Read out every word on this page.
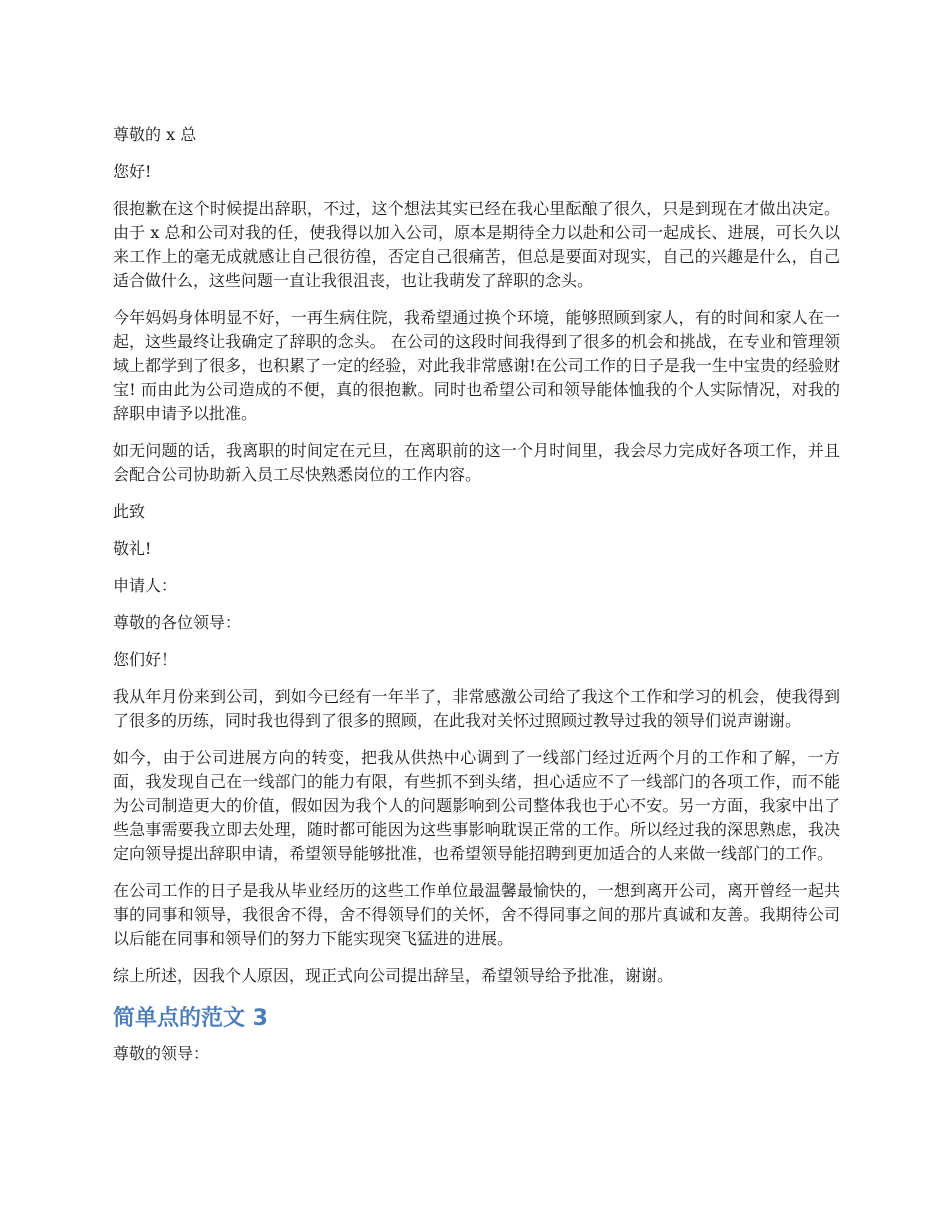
尊敬的 x 总

您好!

很抱歉在这个时候提出辞职，不过，这个想法其实已经在我心里酝酿了很久，只是到现在才做出决定。 由于 x 总和公司对我的任，使我得以加入公司，原本是期待全力以赴和公司一起成长、进展，可长久以来工作上的毫无成就感让自己很彷徨，否定自己很痛苦，但总是要面对现实，自己的兴趣是什么，自己适合做什么，这些问题一直让我很沮丧，也让我萌发了辞职的念头。

今年妈妈身体明显不好，一再生病住院，我希望通过换个环境，能够照顾到家人，有的时间和家人在一起，这些最终让我确定了辞职的念头。 在公司的这段时间我得到了很多的机会和挑战，在专业和管理领域上都学到了很多，也积累了一定的经验，对此我非常感谢!在公司工作的日子是我一生中宝贵的经验财宝! 而由此为公司造成的不便，真的很抱歉。同时也希望公司和领导能体恤我的个人实际情况，对我的辞职申请予以批准。

如无问题的话，我离职的时间定在元旦，在离职前的这一个月时间里，我会尽力完成好各项工作，并且会配合公司协助新入员工尽快熟悉岗位的工作内容。

此致

敬礼!

申请人：

尊敬的各位领导：

您们好！

我从年月份来到公司，到如今已经有一年半了，非常感激公司给了我这个工作和学习的机会，使我得到了很多的历练，同时我也得到了很多的照顾，在此我对关怀过照顾过教导过我的领导们说声谢谢。

如今，由于公司进展方向的转变，把我从供热中心调到了一线部门经过近两个月的工作和了解，一方面，我发现自己在一线部门的能力有限，有些抓不到头绪，担心适应不了一线部门的各项工作，而不能为公司制造更大的价值，假如因为我个人的问题影响到公司整体我也于心不安。另一方面，我家中出了些急事需要我立即去处理，随时都可能因为这些事影响耽误正常的工作。所以经过我的深思熟虑，我决定向领导提出辞职申请，希望领导能够批准，也希望领导能招聘到更加适合的人来做一线部门的工作。

在公司工作的日子是我从毕业经历的这些工作单位最温馨最愉快的，一想到离开公司，离开曾经一起共事的同事和领导，我很舍不得，舍不得领导们的关怀，舍不得同事之间的那片真诚和友善。我期待公司以后能在同事和领导们的努力下能实现突飞猛进的进展。

综上所述，因我个人原因，现正式向公司提出辞呈，希望领导给予批准，谢谢。

简单点的范文 3

尊敬的领导：
